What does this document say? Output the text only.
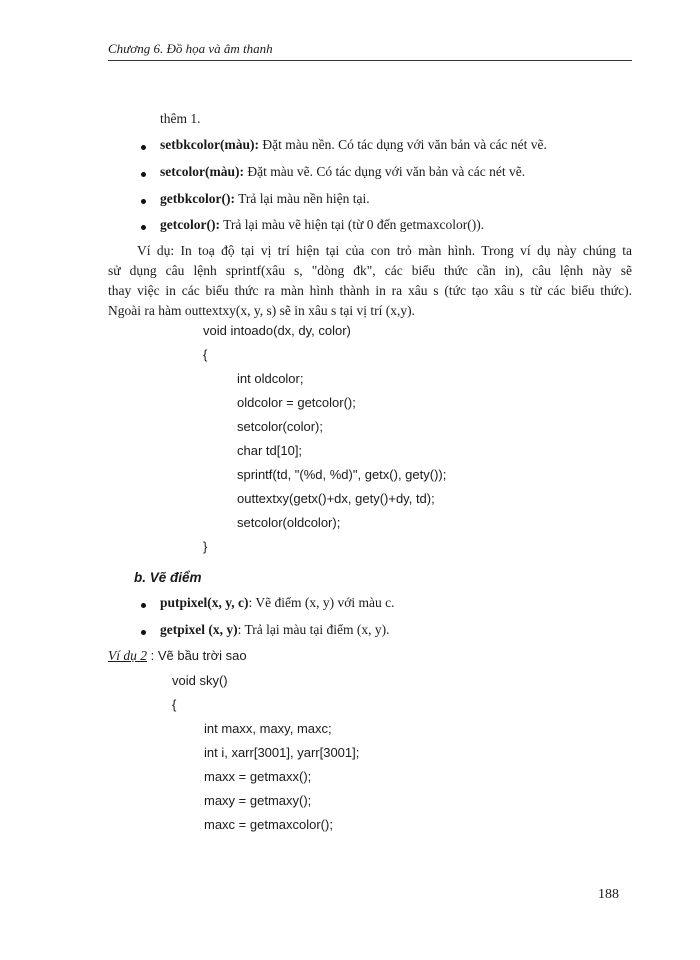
Chương 6. Đồ họa và âm thanh
thêm 1.
setbkcolor(màu): Đặt màu nền. Có tác dụng với văn bản và các nét vẽ.
setcolor(màu): Đặt màu vẽ. Có tác dụng với văn bản và các nét vẽ.
getbkcolor(): Trả lại màu nền hiện tại.
getcolor(): Trả lại màu vẽ hiện tại (từ 0 đến getmaxcolor()).
Ví dụ: In toạ độ tại vị trí hiện tại của con trỏ màn hình. Trong ví dụ này chúng ta
sử dụng câu lệnh sprintf(xâu s, "dòng đk", các biểu thức cần in), câu lệnh này sẽ
thay việc in các biểu thức ra màn hình thành in ra xâu s (tức tạo xâu s từ các biểu thức).
Ngoài ra hàm outtextxy(x, y, s) sẽ in xâu s tại vị trí (x,y).
void intoado(dx, dy, color)
{
int oldcolor;
oldcolor = getcolor();
setcolor(color);
char td[10];
sprintf(td, "(%d, %d)", getx(), gety());
outtextxy(getx()+dx, gety()+dy, td);
setcolor(oldcolor);
}
b. Vẽ điểm
putpixel(x, y, c): Vẽ điểm (x, y) với màu c.
getpixel (x, y): Trả lại màu tại điểm (x, y).
Ví dụ 2 : Vẽ bầu trời sao
void sky()
{
int maxx, maxy, maxc;
int i, xarr[3001], yarr[3001];
maxx = getmaxx();
maxy = getmaxy();
maxc = getmaxcolor();
188
